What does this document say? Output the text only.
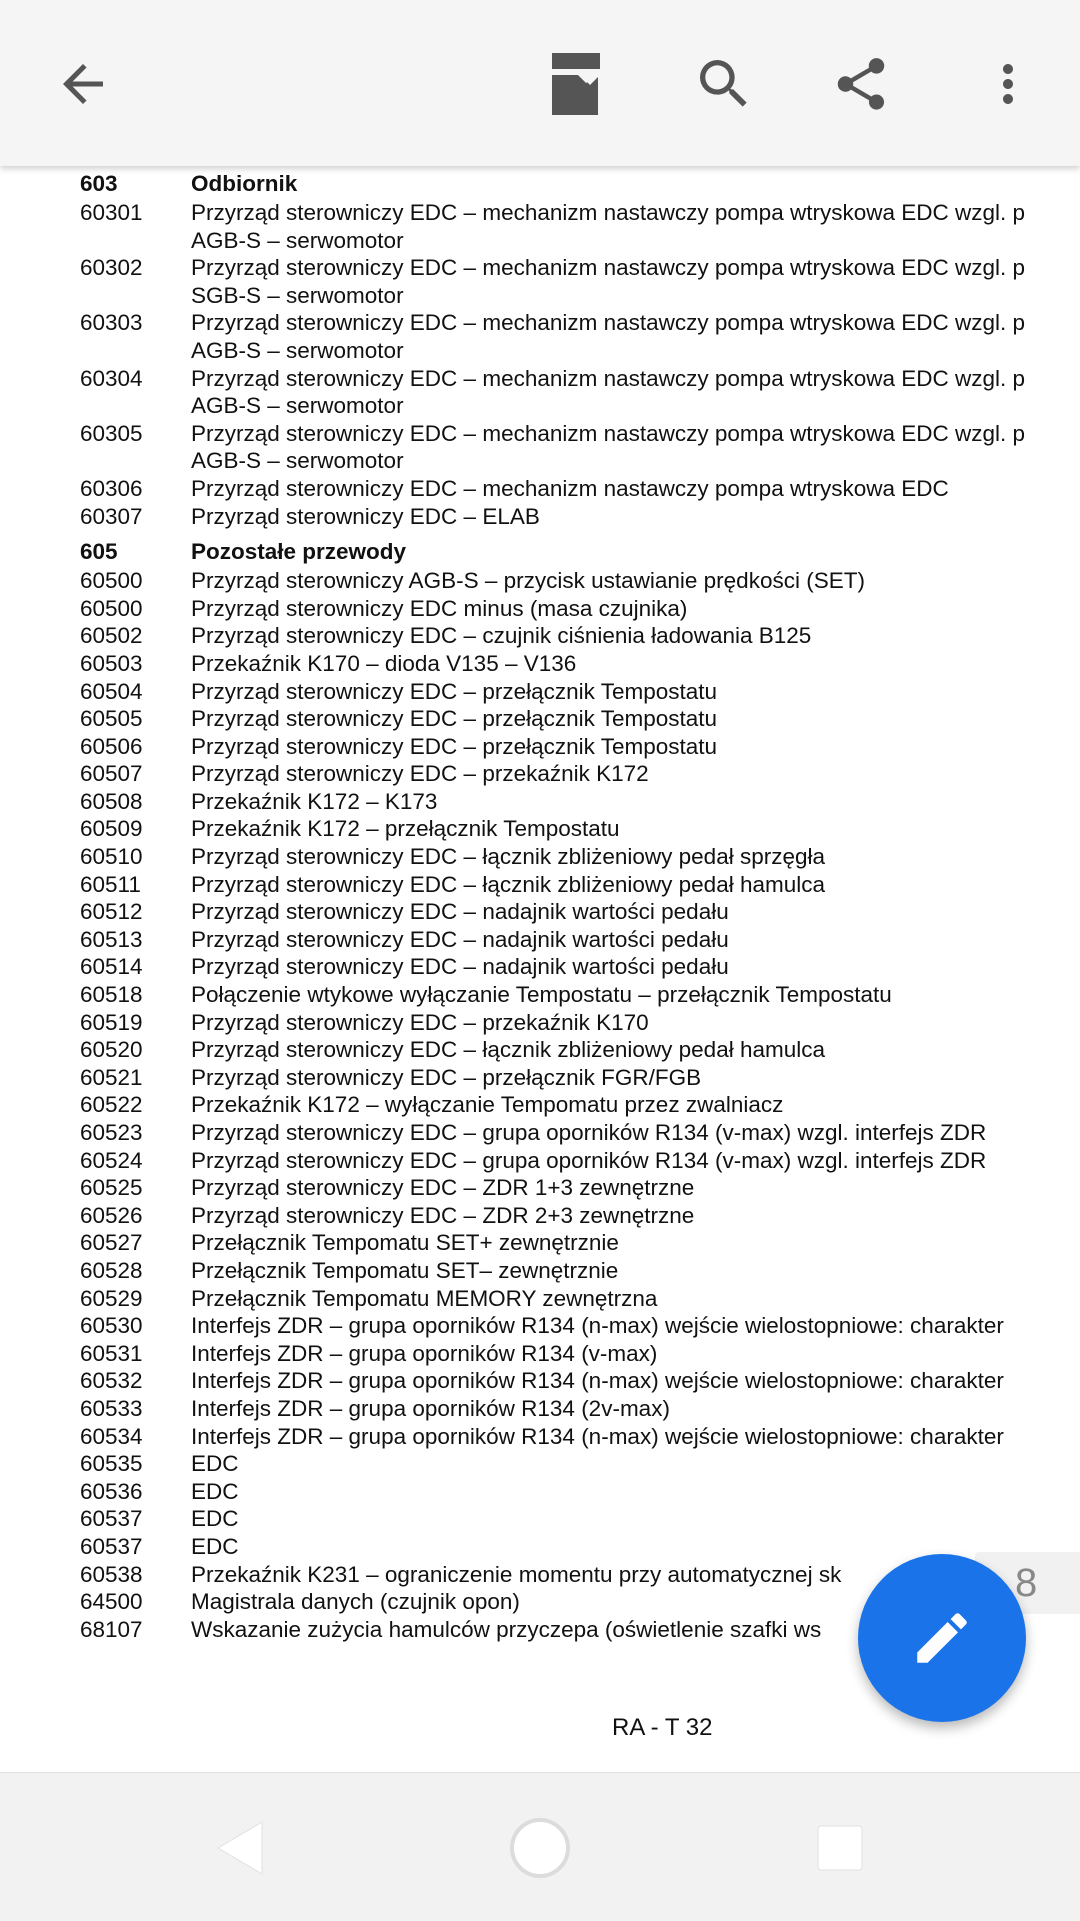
603	Odbiornik
60301 Przyrząd sterowniczy EDC – mechanizm nastawczy pompa wtryskowa EDC wzgl. p
AGB-S – serwomotor
60302 Przyrząd sterowniczy EDC – mechanizm nastawczy pompa wtryskowa EDC wzgl. p
SGB-S – serwomotor
60303 Przyrząd sterowniczy EDC – mechanizm nastawczy pompa wtryskowa EDC wzgl. p
AGB-S – serwomotor
60304 Przyrząd sterowniczy EDC – mechanizm nastawczy pompa wtryskowa EDC wzgl. p
AGB-S – serwomotor
60305 Przyrząd sterowniczy EDC – mechanizm nastawczy pompa wtryskowa EDC wzgl. p
AGB-S – serwomotor
60306 Przyrząd sterowniczy EDC – mechanizm nastawczy pompa wtryskowa EDC
60307 Przyrząd sterowniczy EDC – ELAB
605	Pozostałe przewody
60500 Przyrząd sterowniczy AGB-S – przycisk ustawianie prędkości (SET)
60500 Przyrząd sterowniczy EDC minus (masa czujnika)
60502 Przyrząd sterowniczy EDC – czujnik ciśnienia ładowania B125
60503 Przekaźnik K170 – dioda V135 – V136
60504 Przyrząd sterowniczy EDC – przełącznik Tempostatu
60505 Przyrząd sterowniczy EDC – przełącznik Tempostatu
60506 Przyrząd sterowniczy EDC – przełącznik Tempostatu
60507 Przyrząd sterowniczy EDC – przekaźnik K172
60508 Przekaźnik K172 – K173
60509 Przekaźnik K172 – przełącznik Tempostatu
60510 Przyrząd sterowniczy EDC – łącznik zbliżeniowy pedał sprzęgła
60511 Przyrząd sterowniczy EDC – łącznik zbliżeniowy pedał hamulca
60512 Przyrząd sterowniczy EDC – nadajnik wartości pedału
60513 Przyrząd sterowniczy EDC – nadajnik wartości pedału
60514 Przyrząd sterowniczy EDC – nadajnik wartości pedału
60518 Połączenie wtykowe wyłączanie Tempostatu – przełącznik Tempostatu
60519 Przyrząd sterowniczy EDC – przekaźnik K170
60520 Przyrząd sterowniczy EDC – łącznik zbliżeniowy pedał hamulca
60521 Przyrząd sterowniczy EDC – przełącznik FGR/FGB
60522 Przekaźnik K172 – wyłączanie Tempomatu przez zwalniacz
60523 Przyrząd sterowniczy EDC – grupa oporników R134 (v-max) wzgl. interfejs ZDR
60524 Przyrząd sterowniczy EDC – grupa oporników R134 (v-max) wzgl. interfejs ZDR
60525 Przyrząd sterowniczy EDC – ZDR 1+3 zewnętrzne
60526 Przyrząd sterowniczy EDC – ZDR 2+3 zewnętrzne
60527 Przełącznik Tempomatu SET+ zewnętrznie
60528 Przełącznik Tempomatu SET– zewnętrznie
60529 Przełącznik Tempomatu MEMORY zewnętrzna
60530 Interfejs ZDR – grupa oporników R134 (n-max) wejście wielostopniowe: charakter
60531 Interfejs ZDR – grupa oporników R134 (v-max)
60532 Interfejs ZDR – grupa oporników R134 (n-max) wejście wielostopniowe: charakter
60533 Interfejs ZDR – grupa oporników R134 (2v-max)
60534 Interfejs ZDR – grupa oporników R134 (n-max) wejście wielostopniowe: charakter
60535 EDC
60536 EDC
60537 EDC
60537 EDC
60538 Przekaźnik K231 – ograniczenie momentu przy automatycznej sk
64500 Magistrala danych (czujnik opon)
68107 Wskazanie zużycia hamulców przyczepa (oświetlenie szafki ws
8
RA - T 32
